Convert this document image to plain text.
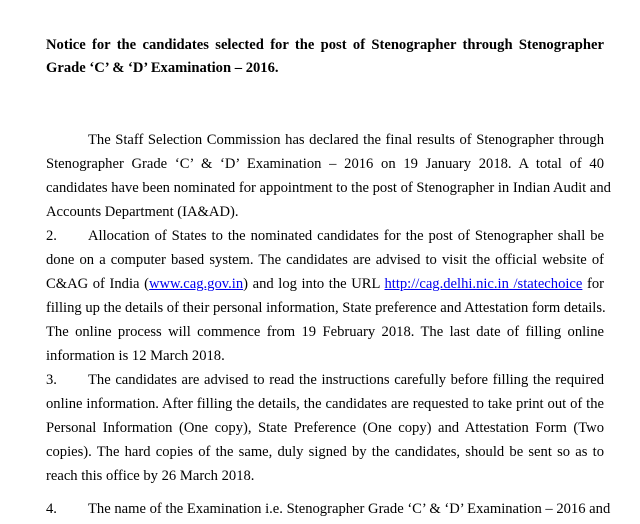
Notice for the candidates selected for the post of Stenographer through Stenographer Grade ‘C’ & ‘D’ Examination – 2016.
The Staff Selection Commission has declared the final results of Stenographer through
Stenographer Grade ‘C’ & ‘D’ Examination – 2016 on 19 January 2018. A total of 40
candidates have been nominated for appointment to the post of Stenographer in Indian Audit and
Accounts Department (IA&AD).
2. Allocation of States to the nominated candidates for the post of Stenographer shall be
done on a computer based system. The candidates are advised to visit the official website of
C&AG of India (www.cag.gov.in) and log into the URL http://cag.delhi.nic.in /statechoice for
filling up the details of their personal information, State preference and Attestation form details.
The online process will commence from 19 February 2018. The last date of filling online
information is 12 March 2018.
3. The candidates are advised to read the instructions carefully before filling the required
online information. After filling the details, the candidates are requested to take print out of the
Personal Information (One copy), State Preference (One copy) and Attestation Form (Two
copies). The hard copies of the same, duly signed by the candidates, should be sent so as to
reach this office by 26 March 2018.
4. The name of the Examination i.e. Stenographer Grade ‘C’ & ‘D’ Examination – 2016 and
